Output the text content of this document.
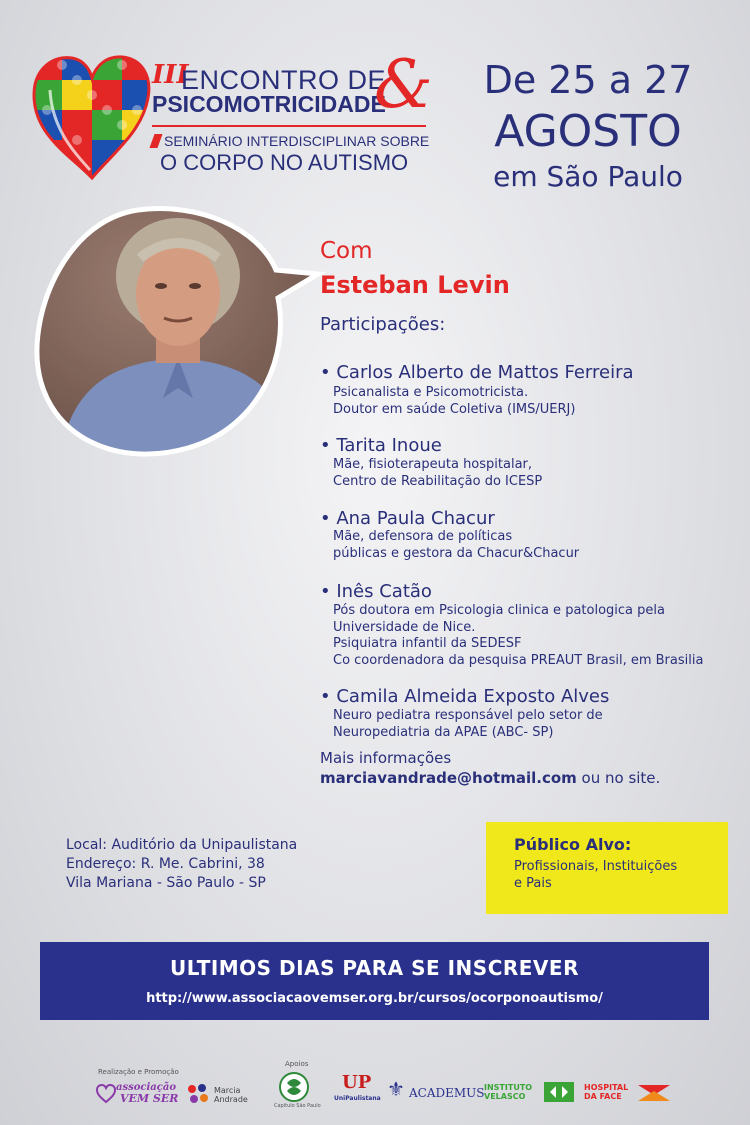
III
ENCONTRO DE
PSICOMOTRICIDADE
&
SEMINÁRIO INTERDISCIPLINAR SOBRE
O CORPO NO AUTISMO
De 25 a 27
AGOSTO
em São Paulo
Com
Esteban Levin
Participações:
• Carlos Alberto de Mattos Ferreira
Psicanalista e Psicomotricista.
Doutor em saúde Coletiva (IMS/UERJ)
• Tarita Inoue
Mãe, fisioterapeuta hospitalar,
Centro de Reabilitação do ICESP
• Ana Paula Chacur
Mãe, defensora de políticas
públicas e gestora da Chacur&Chacur
• Inês Catão
Pós doutora em Psicologia clinica e patologica pela
Universidade de Nice.
Psiquiatra infantil da SEDESF
Co coordenadora da pesquisa PREAUT Brasil, em Brasilia
• Camila Almeida Exposto Alves
Neuro pediatra responsável pelo setor de
Neuropediatria da APAE (ABC- SP)
Mais informações
marciavandrade@hotmail.com ou no site.
Local: Auditório da Unipaulistana
Endereço: R. Me. Cabrini, 38
Vila Mariana - São Paulo - SP
Público Alvo:
Profissionais, Instituições
e Pais
ULTIMOS DIAS PARA SE INSCREVER
http://www.associacaovemser.org.br/cursos/ocorponoautismo/
Realização e Promoção
associação
VEM SER
Marcia
Andrade
Apoios
Capitulo São Paulo
UP
UniPaulistana ⚜ ACADEMUS INSTITUTO
VELASCO
HOSPITAL
DA FACE
